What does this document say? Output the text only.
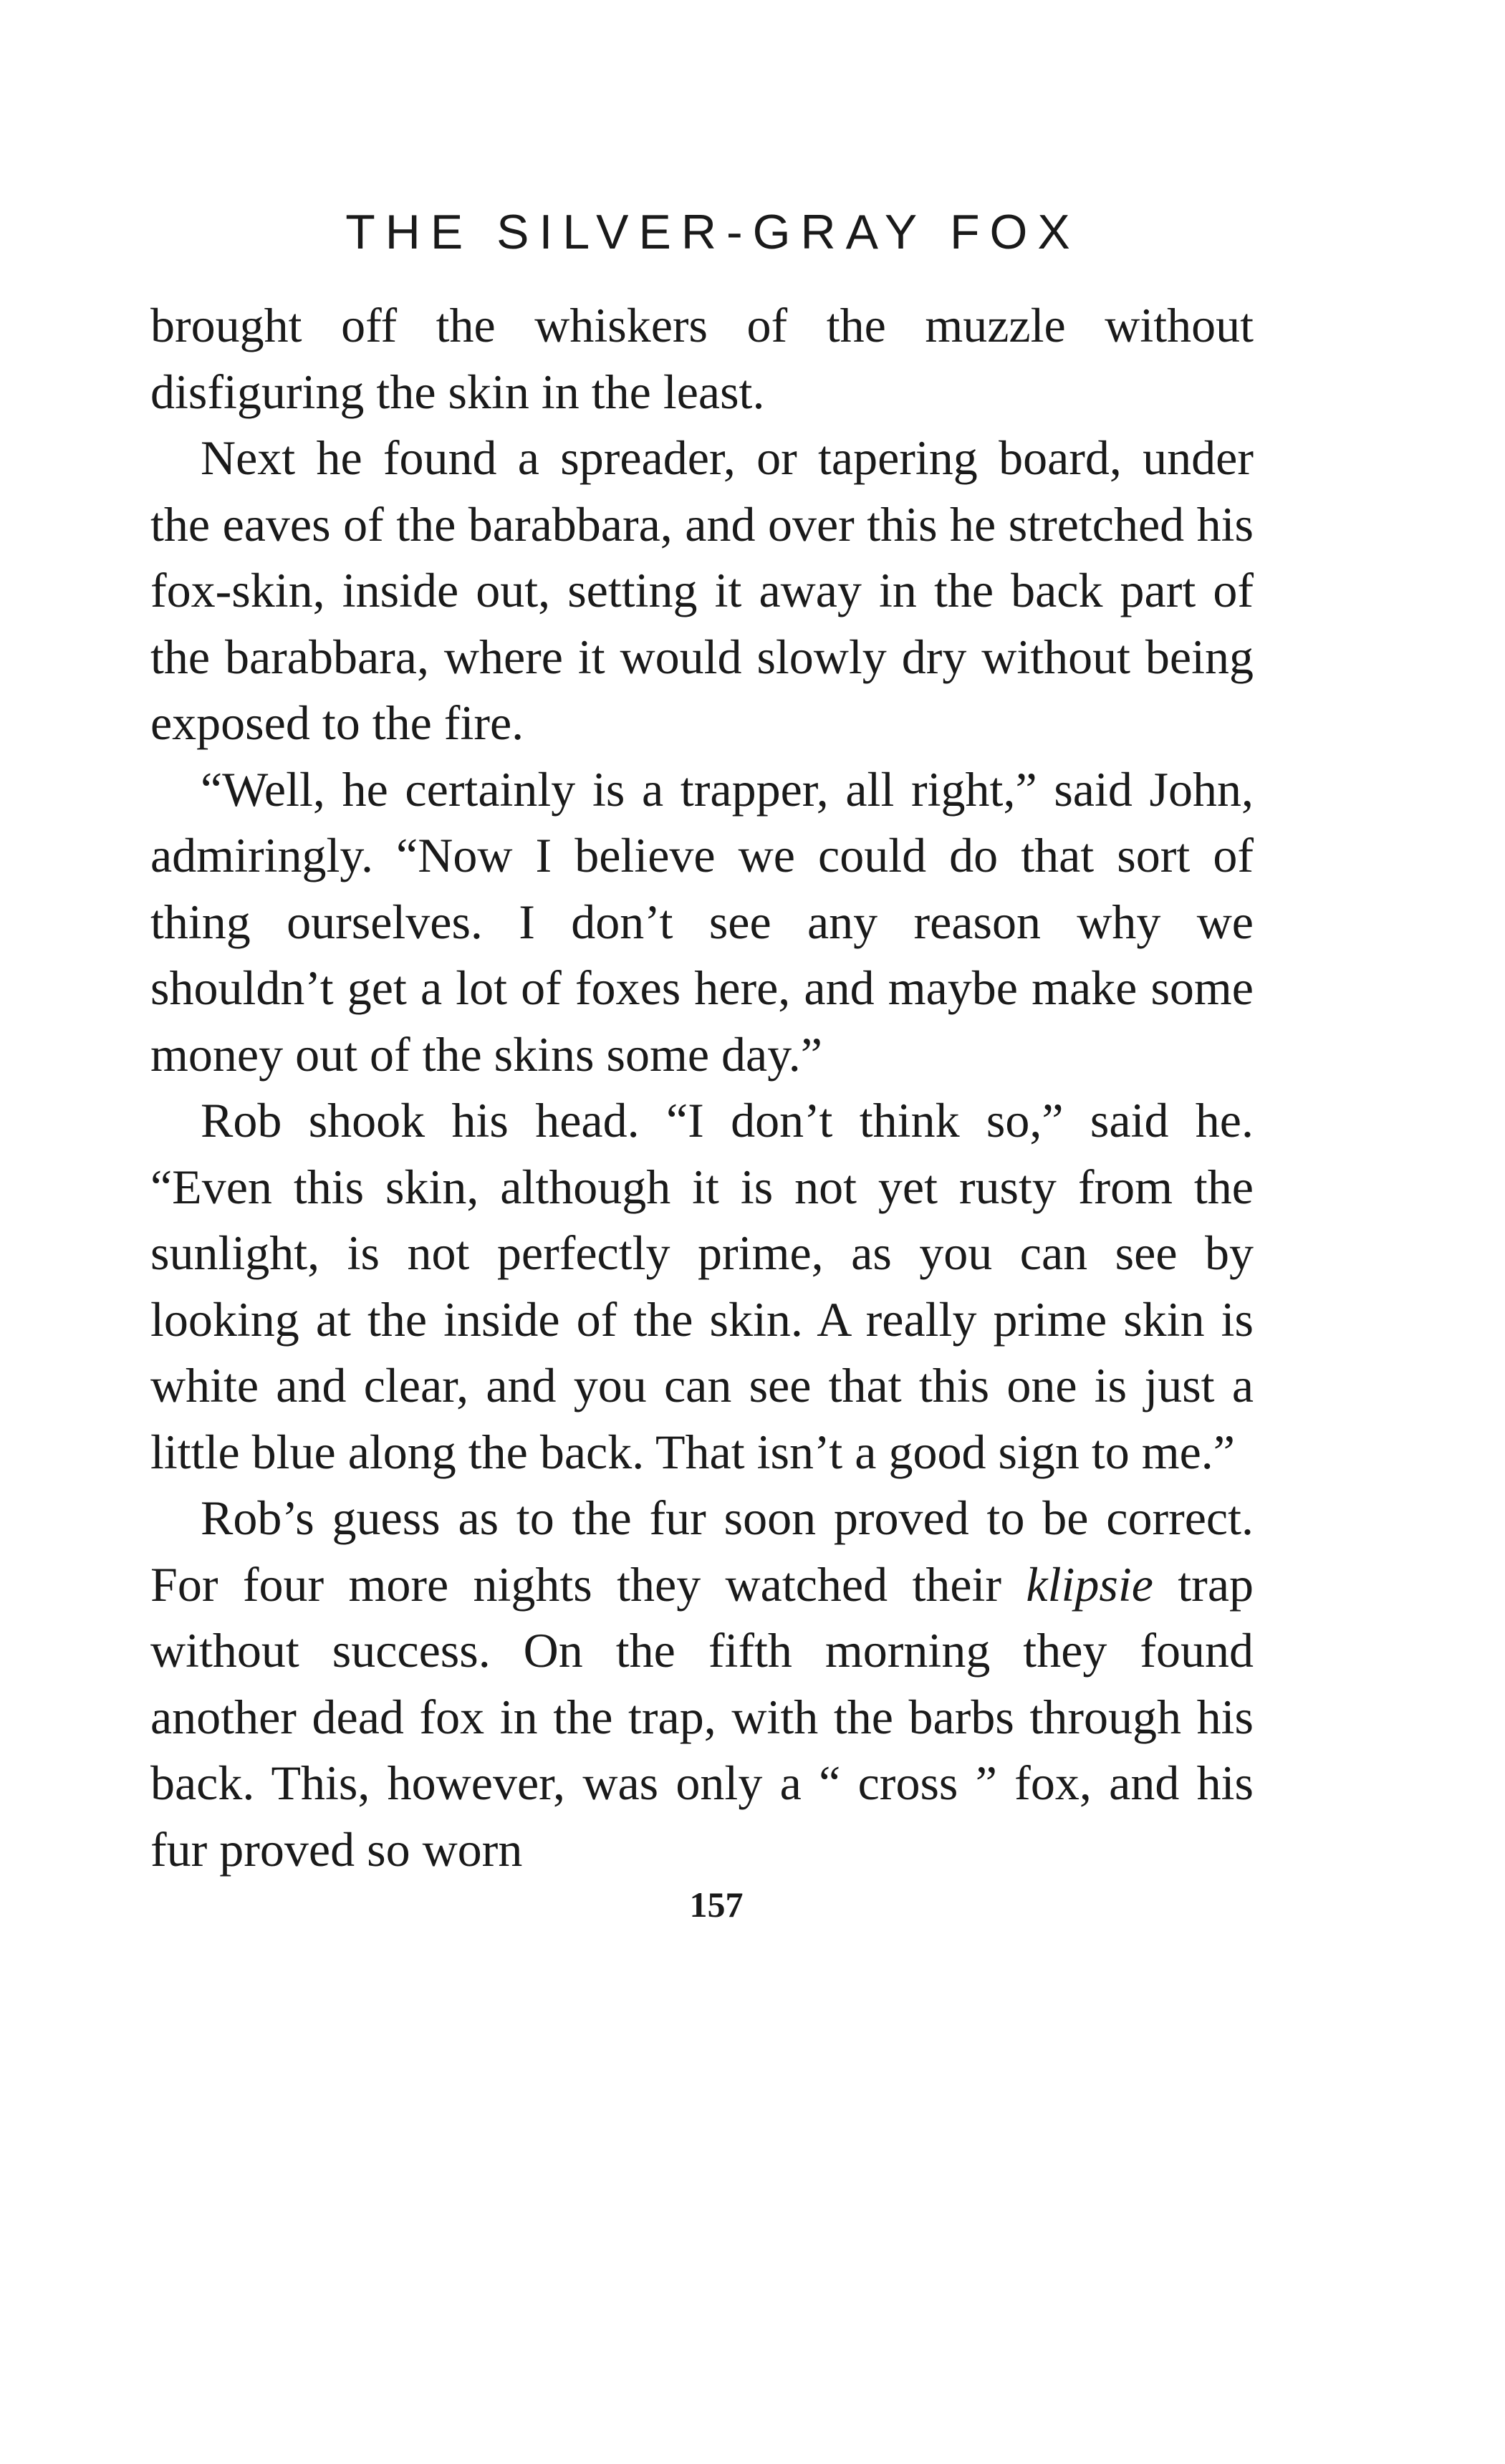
THE SILVER-GRAY FOX

brought off the whiskers of the muzzle without disfiguring the skin in the least.

Next he found a spreader, or tapering board, under the eaves of the barabbara, and over this he stretched his fox-skin, inside out, setting it away in the back part of the barabbara, where it would slowly dry without being exposed to the fire.

“Well, he certainly is a trapper, all right,” said John, admiringly. “Now I believe we could do that sort of thing ourselves. I don’t see any reason why we shouldn’t get a lot of foxes here, and maybe make some money out of the skins some day.”

Rob shook his head. “I don’t think so,” said he. “Even this skin, although it is not yet rusty from the sunlight, is not perfectly prime, as you can see by looking at the inside of the skin. A really prime skin is white and clear, and you can see that this one is just a little blue along the back. That isn’t a good sign to me.”

Rob’s guess as to the fur soon proved to be correct. For four more nights they watched their klipsie trap without success. On the fifth morning they found another dead fox in the trap, with the barbs through his back. This, however, was only a “ cross ” fox, and his fur proved so worn

157
